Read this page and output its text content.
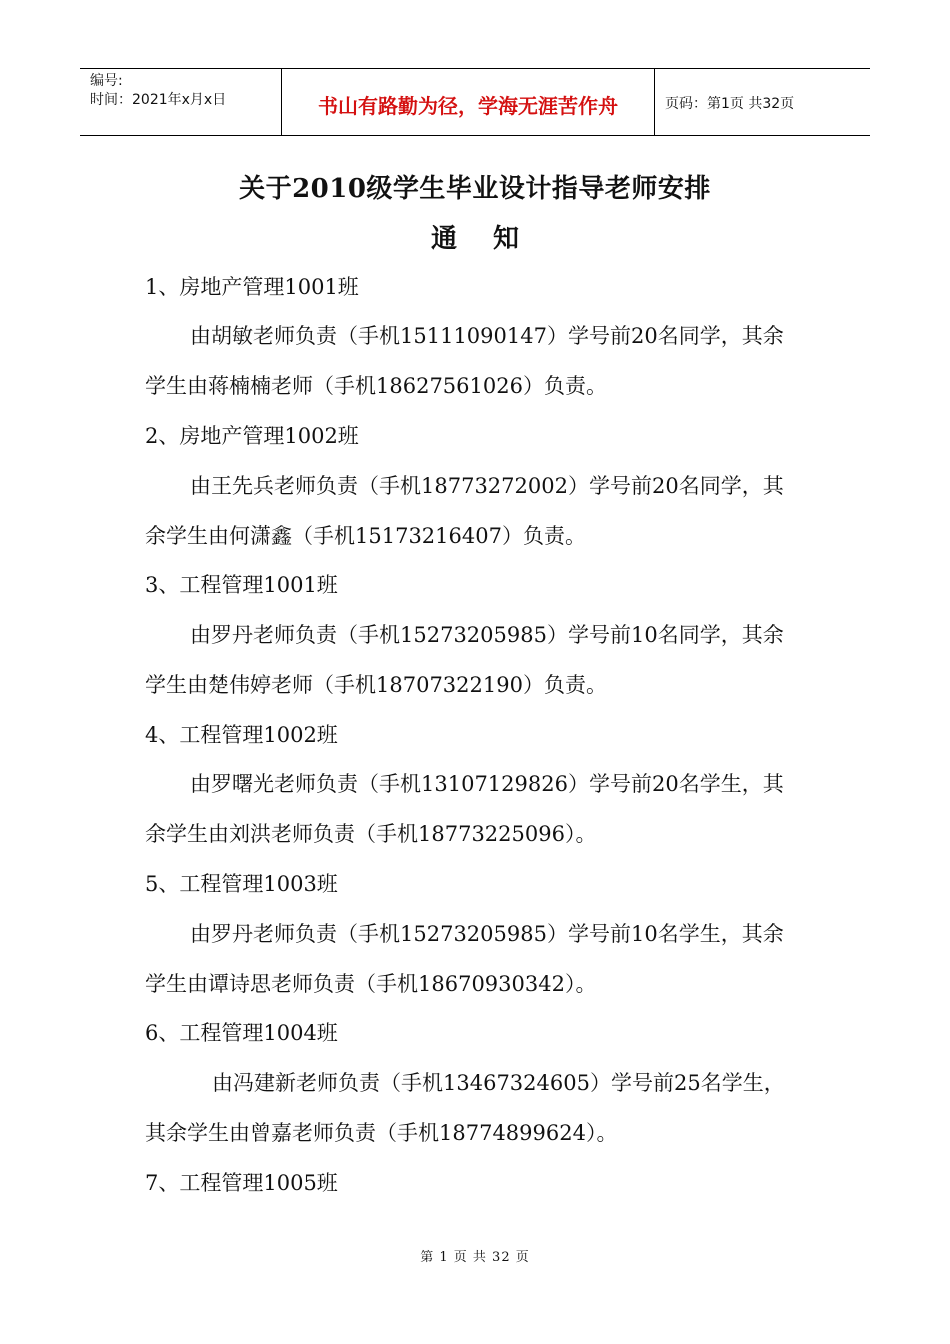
编号:
时间：2021年x月x日	书山有路勤为径，学海无涯苦作舟	页码：第1页 共32页
关于2010级学生毕业设计指导老师安排
通知
1、房地产管理1001班
由胡敏老师负责（手机15111090147）学号前20名同学，其余
学生由蒋楠楠老师（手机18627561026）负责。
2、房地产管理1002班
由王先兵老师负责（手机18773272002）学号前20名同学，其
余学生由何潇鑫（手机15173216407）负责。
3、工程管理1001班
由罗丹老师负责（手机15273205985）学号前10名同学，其余
学生由楚伟婷老师（手机18707322190）负责。
4、工程管理1002班
由罗曙光老师负责（手机13107129826）学号前20名学生，其
余学生由刘洪老师负责（手机18773225096）。
5、工程管理1003班
由罗丹老师负责（手机15273205985）学号前10名学生，其余
学生由谭诗思老师负责（手机18670930342）。
6、工程管理1004班
由冯建新老师负责（手机13467324605）学号前25名学生，
其余学生由曾嘉老师负责（手机18774899624）。
7、工程管理1005班
第 1 页 共 32 页
